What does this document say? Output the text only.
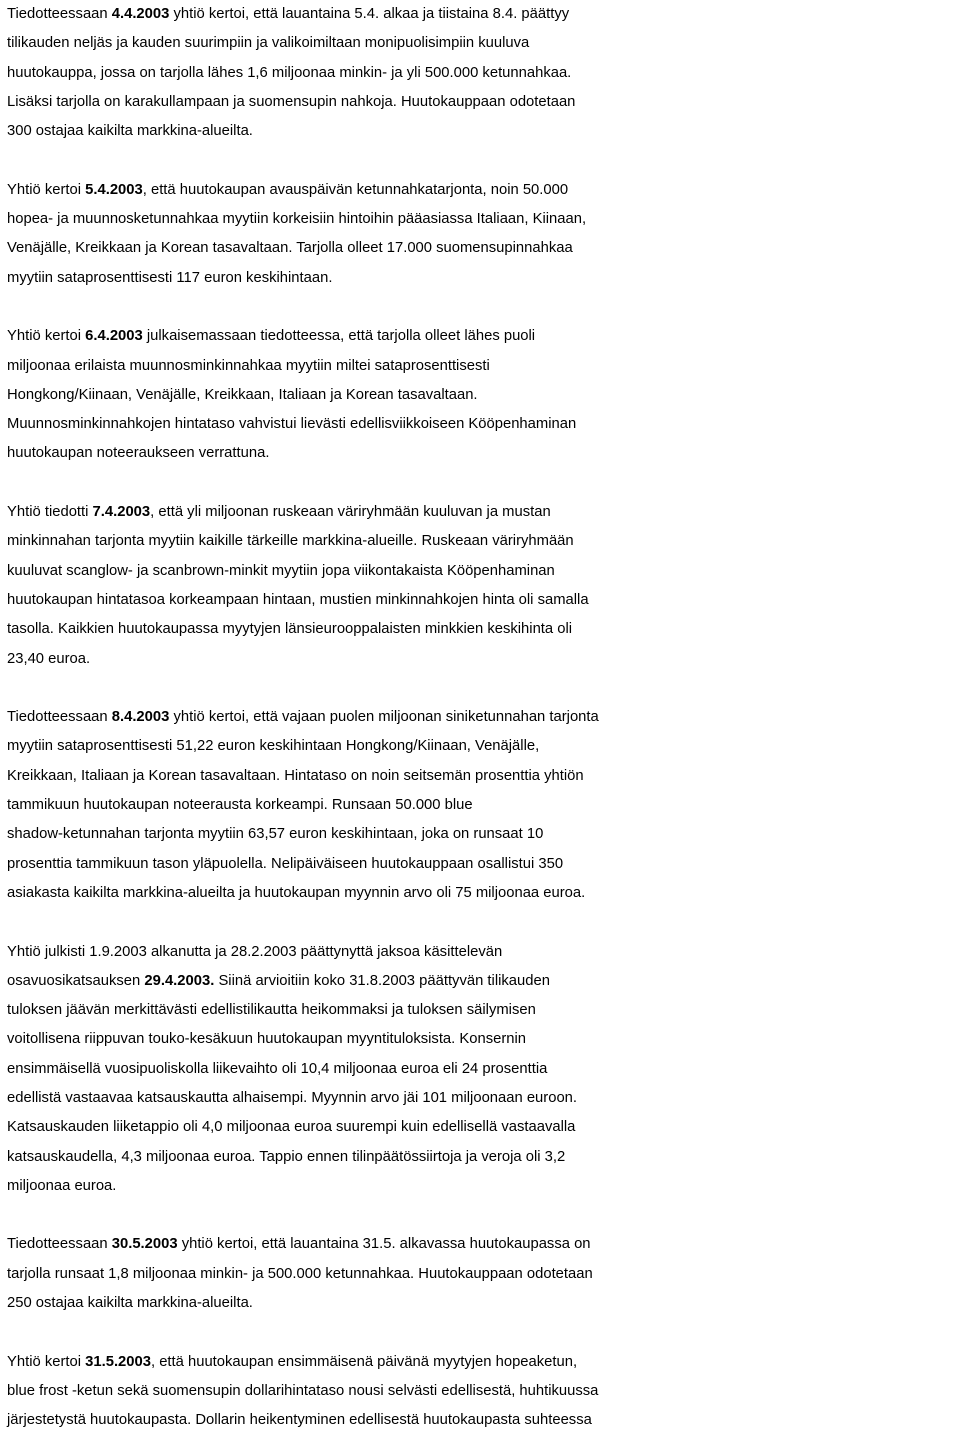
Tiedotteessaan 4.4.2003 yhtiö kertoi, että lauantaina 5.4. alkaa ja tiistaina 8.4. päättyy
tilikauden neljäs ja kauden suurimpiin ja valikoimiltaan monipuolisimpiin kuuluva
huutokauppa, jossa on tarjolla lähes 1,6 miljoonaa minkin- ja yli 500.000 ketunnahkaa.
Lisäksi tarjolla on karakullampaan ja suomensupin nahkoja. Huutokauppaan odotetaan
300 ostajaa kaikilta markkina-alueilta.
Yhtiö kertoi 5.4.2003, että huutokaupan avauspäivän ketunnahkatarjonta, noin 50.000
hopea- ja muunnosketunnahkaa myytiin korkeisiin hintoihin pääasiassa Italiaan, Kiinaan,
Venäjälle, Kreikkaan ja Korean tasavaltaan. Tarjolla olleet 17.000 suomensupinnahkaa
myytiin sataprosenttisesti 117 euron keskihintaan.
Yhtiö kertoi 6.4.2003 julkaisemassaan tiedotteessa, että tarjolla olleet lähes puoli
miljoonaa erilaista muunnosminkinnahkaa myytiin miltei sataprosenttisesti
Hongkong/Kiinaan, Venäjälle, Kreikkaan, Italiaan ja Korean tasavaltaan.
Muunnosminkinnahkojen hintataso vahvistui lievästi edellisviikkoiseen Kööpenhaminan
huutokaupan noteeraukseen verrattuna.
Yhtiö tiedotti 7.4.2003, että yli miljoonan ruskeaan väriryhmään kuuluvan ja mustan
minkinnahan tarjonta myytiin kaikille tärkeille markkina-alueille. Ruskeaan väriryhmään
kuuluvat scanglow- ja scanbrown-minkit myytiin jopa viikontakaista Kööpenhaminan
huutokaupan hintatasoa korkeampaan hintaan, mustien minkinnahkojen hinta oli samalla
tasolla. Kaikkien huutokaupassa myytyjen länsieurooppalaisten minkkien keskihinta oli
23,40 euroa.
Tiedotteessaan 8.4.2003 yhtiö kertoi, että vajaan puolen miljoonan siniketunnahan tarjonta
myytiin sataprosenttisesti 51,22 euron keskihintaan Hongkong/Kiinaan, Venäjälle,
Kreikkaan, Italiaan ja Korean tasavaltaan. Hintataso on noin seitsemän prosenttia yhtiön
tammikuun huutokaupan noteerausta korkeampi. Runsaan 50.000 blue
shadow-ketunnahan tarjonta myytiin 63,57 euron keskihintaan, joka on runsaat 10
prosenttia tammikuun tason yläpuolella. Nelipäiväiseen huutokauppaan osallistui 350
asiakasta kaikilta markkina-alueilta ja huutokaupan myynnin arvo oli 75 miljoonaa euroa.
Yhtiö julkisti 1.9.2003 alkanutta ja 28.2.2003 päättynyttä jaksoa käsittelevän
osavuosikatsauksen 29.4.2003. Siinä arvioitiin koko 31.8.2003 päättyvän tilikauden
tuloksen jäävän merkittävästi edellistilikautta heikommaksi ja tuloksen säilymisen
voitollisena riippuvan touko-kesäkuun huutokaupan myyntituloksista. Konsernin
ensimmäisellä vuosipuoliskolla liikevaihto oli 10,4 miljoonaa euroa eli 24 prosenttia
edellistä vastaavaa katsauskautta alhaisempi. Myynnin arvo jäi 101 miljoonaan euroon.
Katsauskauden liiketappio oli 4,0 miljoonaa euroa suurempi kuin edellisellä vastaavalla
katsauskaudella, 4,3 miljoonaa euroa. Tappio ennen tilinpäätössiirtoja ja veroja oli 3,2
miljoonaa euroa.
Tiedotteessaan 30.5.2003 yhtiö kertoi, että lauantaina 31.5. alkavassa huutokaupassa on
tarjolla runsaat 1,8 miljoonaa minkin- ja 500.000 ketunnahkaa. Huutokauppaan odotetaan
250 ostajaa kaikilta markkina-alueilta.
Yhtiö kertoi 31.5.2003, että huutokaupan ensimmäisenä päivänä myytyjen hopeaketun,
blue frost -ketun sekä suomensupin dollarihintataso nousi selvästi edellisestä, huhtikuussa
järjestetystä huutokaupasta. Dollarin heikentyminen edellisestä huutokaupasta suhteessa
